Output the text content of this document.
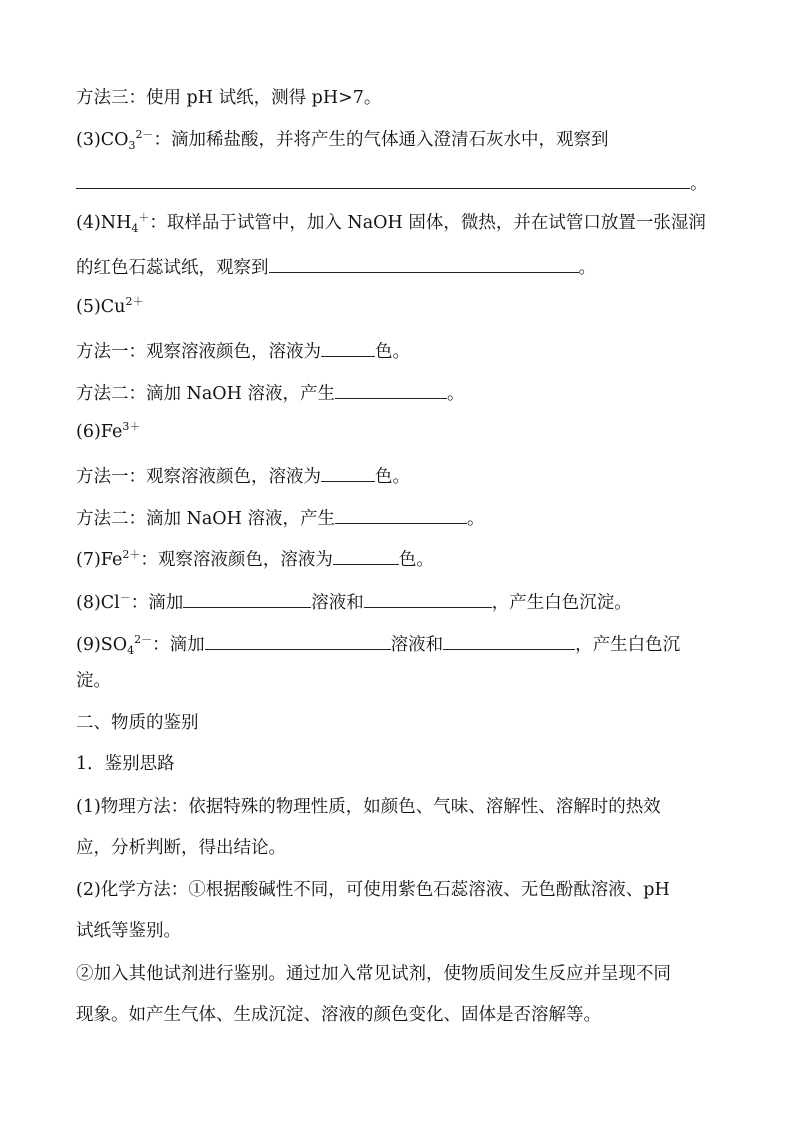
方法三：使用 pH 试纸，测得 pH>7。
$(3)CO_3^{2-}$：滴加稀盐酸，并将产生的气体通入澄清石灰水中，观察到
。
$(4)NH_4^+$：取样品于试管中，加入 NaOH 固体，微热，并在试管口放置一张湿润
的红色石蕊试纸，观察到	。
$(5)Cu^{2+}$
方法一：观察溶液颜色，溶液为	色。
方法二：滴加 NaOH 溶液，产生	。
$(6)Fe^{3+}$
方法一：观察溶液颜色，溶液为	色。
方法二：滴加 NaOH 溶液，产生	。
$(7)Fe^{2+}$：观察溶液颜色，溶液为	色。
(8)Cl－：滴加	溶液和	，产生白色沉淀。
$(9)SO_4^{2-}$：滴加	溶液和	，产生白色沉
淀。
二、物质的鉴别
1．鉴别思路
(1)物理方法：依据特殊的物理性质，如颜色、气味、溶解性、溶解时的热效
应，分析判断，得出结论。
(2)化学方法：①根据酸碱性不同，可使用紫色石蕊溶液、无色酚酞溶液、pH
试纸等鉴别。
②加入其他试剂进行鉴别。通过加入常见试剂，使物质间发生反应并呈现不同
现象。如产生气体、生成沉淀、溶液的颜色变化、固体是否溶解等。
